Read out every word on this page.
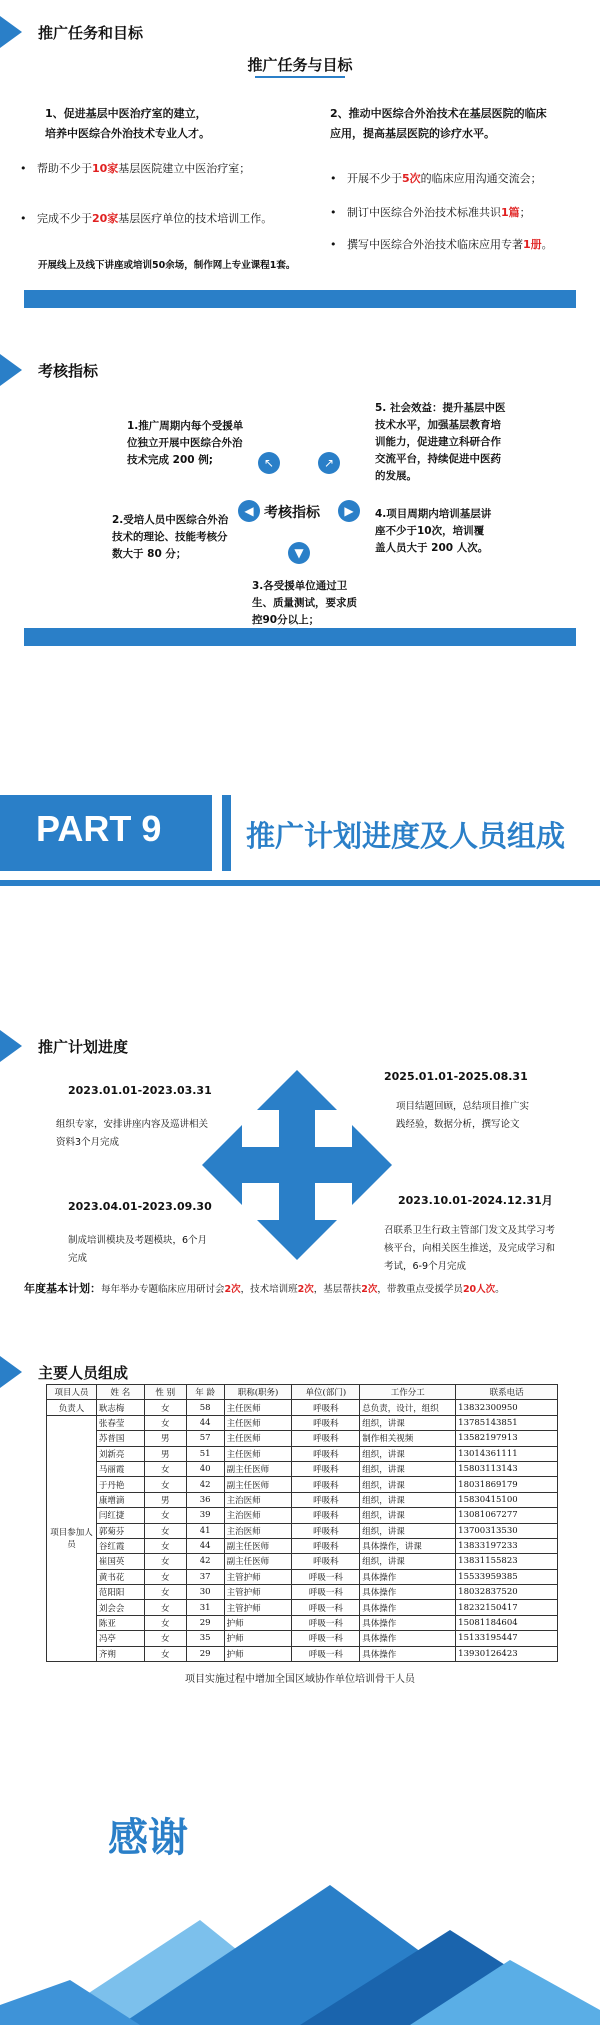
推广任务和目标
推广任务与目标
1、促进基层中医治疗室的建立，
培养中医综合外治技术专业人才。
•   帮助不少于10家基层医院建立中医治疗室；
•   完成不少于20家基层医疗单位的技术培训工作。
开展线上及线下讲座或培训50余场，制作网上专业课程1套。
2、推动中医综合外治技术在基层医院的临床
应用，提高基层医院的诊疗水平。
•   开展不少于5次的临床应用沟通交流会；
•   制订中医综合外治技术标准共识1篇；
•   撰写中医综合外治技术临床应用专著1册。
考核指标
1.推广周期内每个受援单位独立开展中医综合外治技术完成 200 例;
2.受培人员中医综合外治技术的理论、技能考核分数大于 80 分；
3.各受援单位通过卫生、质量测试，要求质控90分以上；
4.项目周期内培训基层讲座不少于10次，培训覆盖人员大于 200 人次。
5. 社会效益：提升基层中医技术水平，加强基层教育培训能力，促进建立科研合作交流平台，持续促进中医药的发展。
↖	↗
◀	▶
▼
考核指标
PART 9	推广计划进度及人员组成
推广计划进度
2023.01.01-2023.03.31
组织专家，安排讲座内容及巡讲相关资料3个月完成
2023.04.01-2023.09.30
制成培训模块及考题模块，6个月完成
2023.10.01-2024.12.31月
召联系卫生行政主管部门发文及其学习考核平台，向相关医生推送，及完成学习和考试，6-9个月完成
2025.01.01-2025.08.31
项目结题回顾，总结项目推广实践经验，数据分析，撰写论文
年度基本计划：每年举办专题临床应用研讨会2次，技术培训班2次，基层帮扶2次，带教重点受援学员20人次。
主要人员组成
项目人员	姓 名	性 别	年 龄	职称(职务)	单位(部门)	工作分工	联系电话
负责人	耿志梅	女	58	主任医师	呼吸科	总负责，设计，组织	13832300950
项目参加人员	张春莹	女	44	主任医师	呼吸科	组织，讲课	13785143851
	苏普国	男	57	主任医师	呼吸科	制作相关视频	13582197913
	刘新亮	男	51	主任医师	呼吸科	组织，讲课	13014361111
	马丽霞	女	40	副主任医师	呼吸科	组织，讲课	15803113143
	于丹艳	女	42	副主任医师	呼吸科	组织，讲课	18031869179
	康增滴	男	36	主治医师	呼吸科	组织，讲课	15830415100
	闫红捷	女	39	主治医师	呼吸科	组织，讲课	13081067277
	郭菊芬	女	41	主治医师	呼吸科	组织，讲课	13700313530
	谷红霞	女	44	副主任医师	呼吸科	具体操作，讲课	13833197233
	崔国英	女	42	副主任医师	呼吸科	组织，讲课	13831155823
	黄书花	女	37	主管护师	呼吸一科	具体操作	15533959385
	范阳阳	女	30	主管护师	呼吸一科	具体操作	18032837520
	刘会会	女	31	主管护师	呼吸一科	具体操作	18232150417
	陈亚	女	29	护师	呼吸一科	具体操作	15081184604
	冯亭	女	35	护师	呼吸一科	具体操作	15133195447
	齐朔	女	29	护师	呼吸一科	具体操作	13930126423
项目实施过程中增加全国区域协作单位培训骨干人员
感谢
